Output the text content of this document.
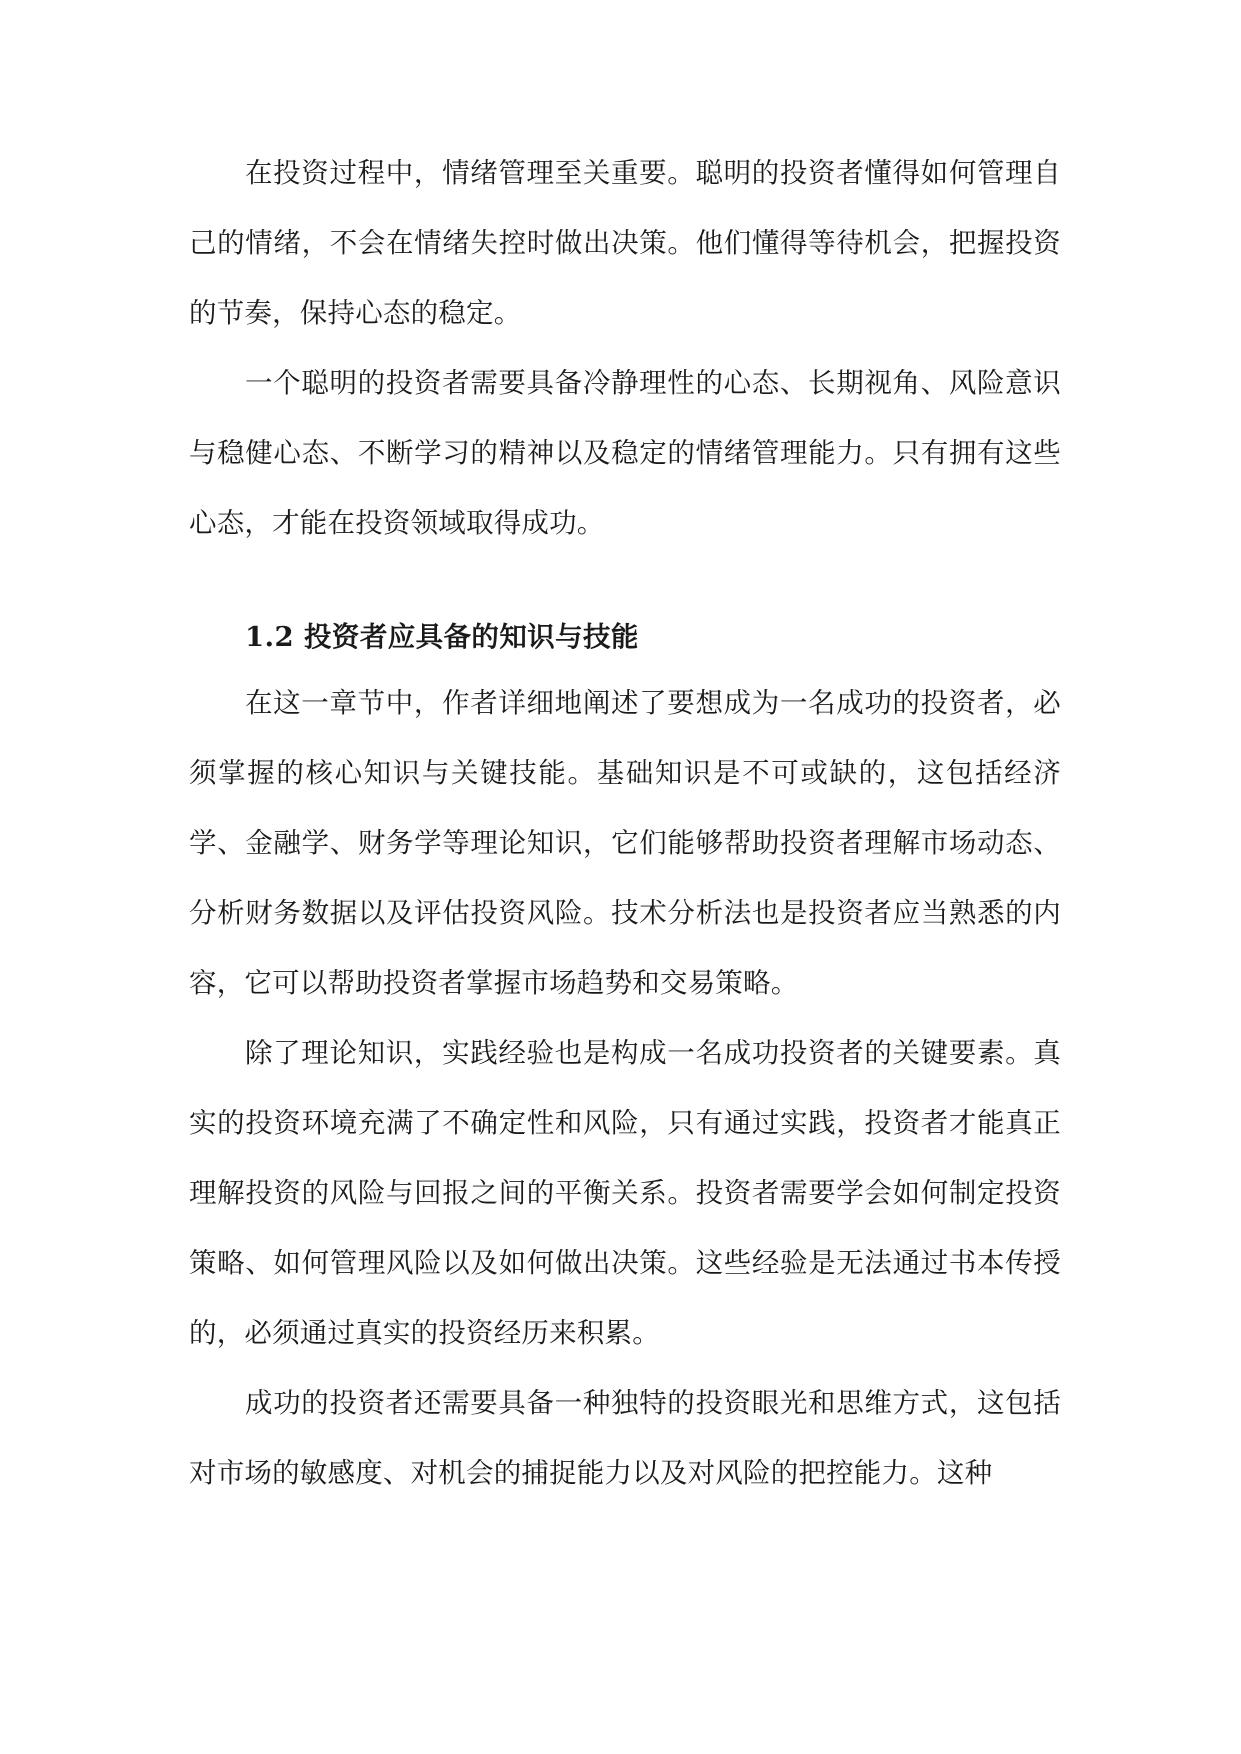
在投资过程中，情绪管理至关重要。聪明的投资者懂得如何管理自己的情绪，不会在情绪失控时做出决策。他们懂得等待机会，把握投资的节奏，保持心态的稳定。

一个聪明的投资者需要具备冷静理性的心态、长期视角、风险意识与稳健心态、不断学习的精神以及稳定的情绪管理能力。只有拥有这些心态，才能在投资领域取得成功。

1.2 投资者应具备的知识与技能

在这一章节中，作者详细地阐述了要想成为一名成功的投资者，必须掌握的核心知识与关键技能。基础知识是不可或缺的，这包括经济学、金融学、财务学等理论知识，它们能够帮助投资者理解市场动态、分析财务数据以及评估投资风险。技术分析法也是投资者应当熟悉的内容，它可以帮助投资者掌握市场趋势和交易策略。

除了理论知识，实践经验也是构成一名成功投资者的关键要素。真实的投资环境充满了不确定性和风险，只有通过实践，投资者才能真正理解投资的风险与回报之间的平衡关系。投资者需要学会如何制定投资策略、如何管理风险以及如何做出决策。这些经验是无法通过书本传授的，必须通过真实的投资经历来积累。

成功的投资者还需要具备一种独特的投资眼光和思维方式，这包括对市场的敏感度、对机会的捕捉能力以及对风险的把控能力。这种
